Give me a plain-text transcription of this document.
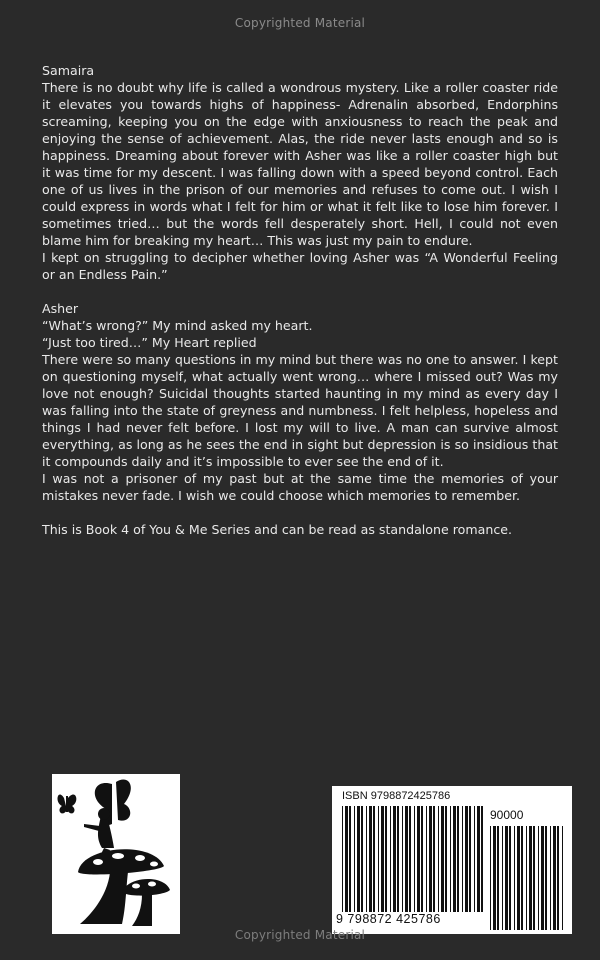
Copyrighted Material

Samaira

There is no doubt why life is called a wondrous mystery. Like a roller coaster ride it elevates you towards highs of happiness- Adrenalin absorbed, Endorphins screaming, keeping you on the edge with anxiousness to reach the peak and enjoying the sense of achievement. Alas, the ride never lasts enough and so is happiness. Dreaming about forever with Asher was like a roller coaster high but it was time for my descent. I was falling down with a speed beyond control. Each one of us lives in the prison of our memories and refuses to come out. I wish I could express in words what I felt for him or what it felt like to lose him forever. I sometimes tried… but the words fell desperately short. Hell, I could not even blame him for breaking my heart… This was just my pain to endure.

I kept on struggling to decipher whether loving Asher was “A Wonderful Feeling or an Endless Pain.”

Asher

“What’s wrong?” My mind asked my heart.

“Just too tired…” My Heart replied

There were so many questions in my mind but there was no one to answer. I kept on questioning myself, what actually went wrong… where I missed out? Was my love not enough? Suicidal thoughts started haunting in my mind as every day I was falling into the state of greyness and numbness. I felt helpless, hopeless and things I had never felt before. I lost my will to live. A man can survive almost everything, as long as he sees the end in sight but depression is so insidious that it compounds daily and it’s impossible to ever see the end of it.

I was not a prisoner of my past but at the same time the memories of your mistakes never fade. I wish we could choose which memories to remember.

This is Book 4 of You & Me Series and can be read as standalone romance.

ISBN 9798872425786
90000
9 798872 425786
Copyrighted Material
